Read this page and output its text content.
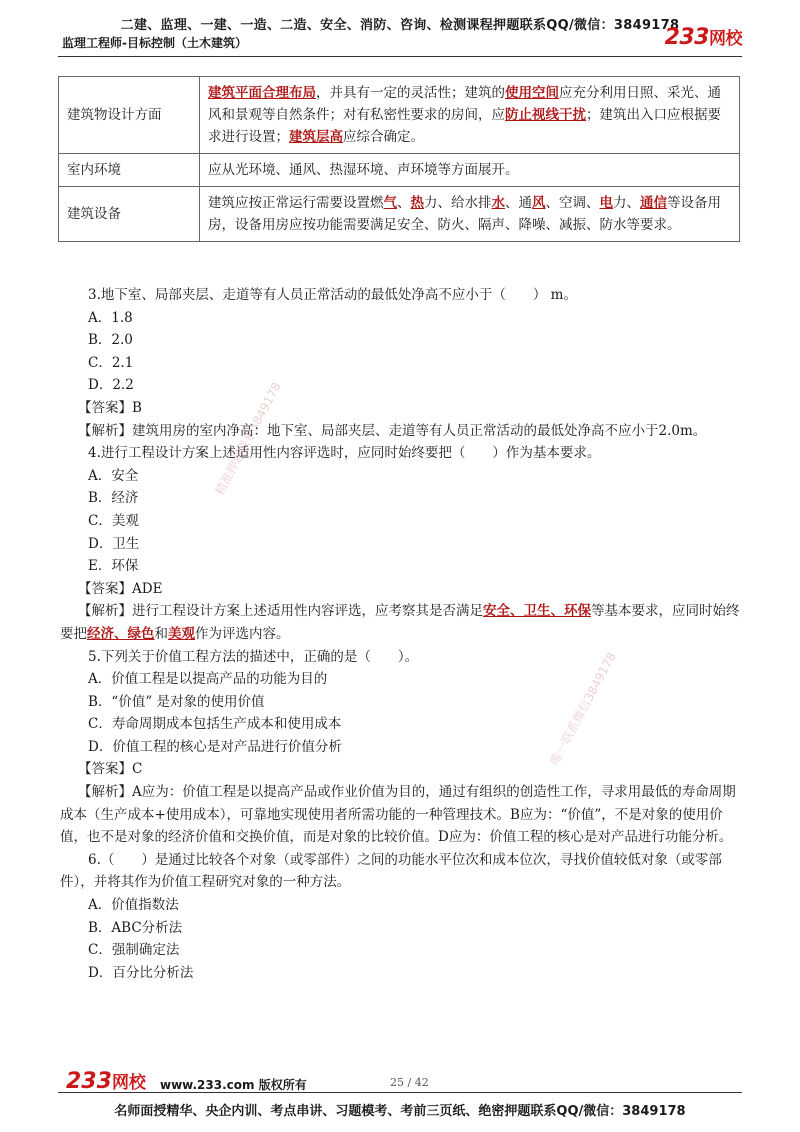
二建、监理、一建、一造、二造、安全、消防、咨询、检测课程押题联系QQ/微信：3849178
监理工程师-目标控制（土木建筑）	233网校
建筑物设计方面	建筑平面合理布局，并具有一定的灵活性；建筑的使用空间应充分利用日照、采光、通风和景观等自然条件；对有私密性要求的房间，应防止视线干扰；建筑出入口应根据要求进行设置；建筑层高应综合确定。
室内环境	应从光环境、通风、热湿环境、声环境等方面展开。
建筑设备	建筑应按正常运行需要设置燃气、热力、给水排水、通风、空调、电力、通信等设备用房，设备用房应按功能需要满足安全、防火、隔声、降噪、减振、防水等要求。

3.地下室、局部夹层、走道等有人员正常活动的最低处净高不应小于（　　） m。

A．1.8

B．2.0

C．2.1

D．2.2

【答案】B

【解析】建筑用房的室内净高：地下室、局部夹层、走道等有人员正常活动的最低处净高不应小于2.0m。

4.进行工程设计方案上述适用性内容评选时，应同时始终要把（　　）作为基本要求。

A．安全

B．经济

C．美观

D．卫生

E．环保

【答案】ADE

【解析】进行工程设计方案上述适用性内容评选，应考察其是否满足安全、卫生、环保等基本要求，应同时始终要把经济、绿色和美观作为评选内容。

5.下列关于价值工程方法的描述中，正确的是（　　）。

A．价值工程是以提高产品的功能为目的

B．“价值” 是对象的使用价值

C．寿命周期成本包括生产成本和使用成本

D．价值工程的核心是对产品进行价值分析

【答案】C

【解析】A应为：价值工程是以提高产品或作业价值为目的，通过有组织的创造性工作，寻求用最低的寿命周期成本（生产成本+使用成本），可靠地实现使用者所需功能的一种管理技术。B应为：“价值”，不是对象的使用价值，也不是对象的经济价值和交换价值，而是对象的比较价值。D应为：价值工程的核心是对产品进行功能分析。

6.（　　）是通过比较各个对象（或零部件）之间的功能水平位次和成本位次，寻找价值较低对象（或零部件），并将其作为价值工程研究对象的一种方法。

A．价值指数法

B．ABC分析法

C．强制确定法

D．百分比分析法

精准押题联系3849178
唯一联系微信3849178
233网校 www.233.com 版权所有	25 / 42
名师面授精华、央企内训、考点串讲、习题模考、考前三页纸、绝密押题联系QQ/微信：3849178
